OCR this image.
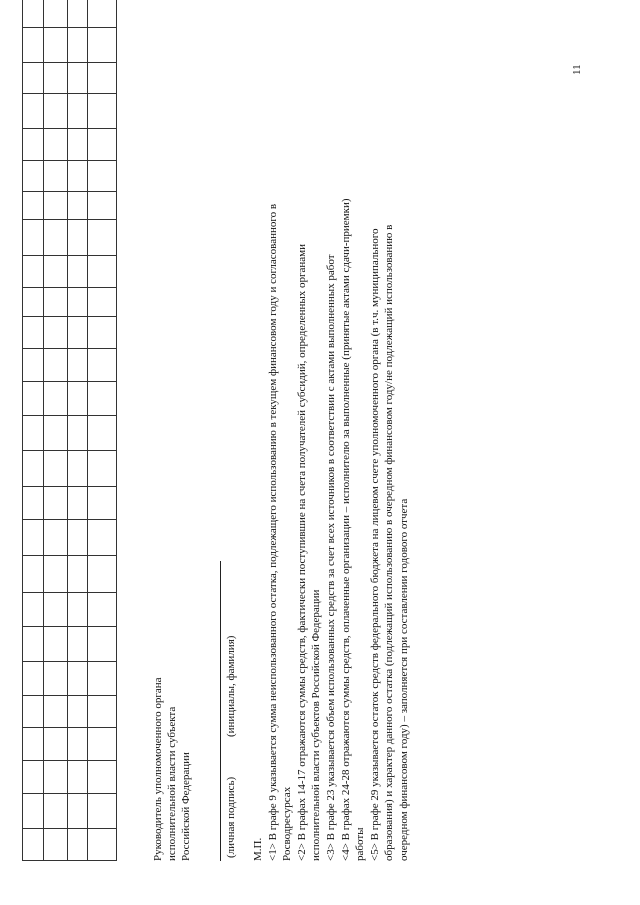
Руководитель уполномоченного органа исполнительной власти субъекта Российской Федерации	(личная подпись)
(инициалы, фамилия)
М.П. <1> В графе 9 указывается сумма неиспользованного остатка, подлежащего использованию в текущем финансовом году и согласованного в Росводресурсах <2> В графах 14-17 отражаются суммы средств, фактически поступившие на счета получателей субсидий, определенных органами исполнительной власти субъектов Российской Федерации <3> В графе 23 указывается объем использованных средств за счет всех источников в соответствии с актами выполненных работ <4> В графах 24-28 отражаются суммы средств, оплаченные организации – исполнителю за выполненные (принятые актами сдачи-приемки) работы <5> В графе 29 указывается остаток средств федерального бюджета на лицевом счете уполномоченного органа (в т.ч. муниципального образования) и характер данного остатка (подлежащий использованию в очередном финансовом году/не подлежащий использованию в очередном финансовом году) – заполняется при составлении годового отчета
11
